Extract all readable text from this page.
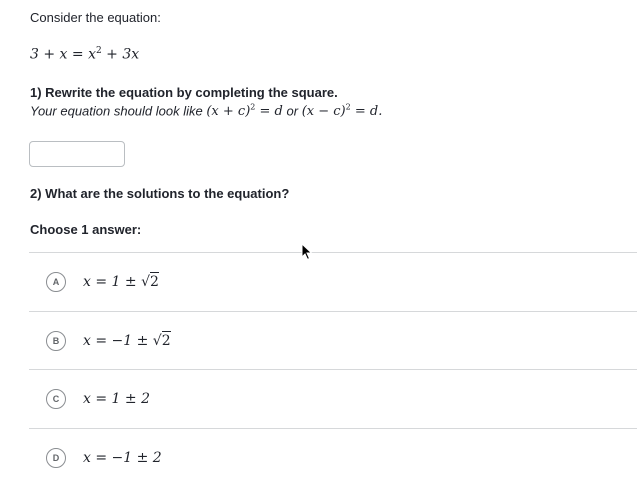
Consider the equation:
$3 + x = x^2 + 3x$
1) Rewrite the equation by completing the square.
Your equation should look like $(x + c)^2 = d$ or $(x - c)^2 = d$.
2) What are the solutions to the equation?
Choose 1 answer:
A	x = 1 ± √2
B	x = −1 ± √2
C	x = 1 ± 2
D	x = −1 ± 2
